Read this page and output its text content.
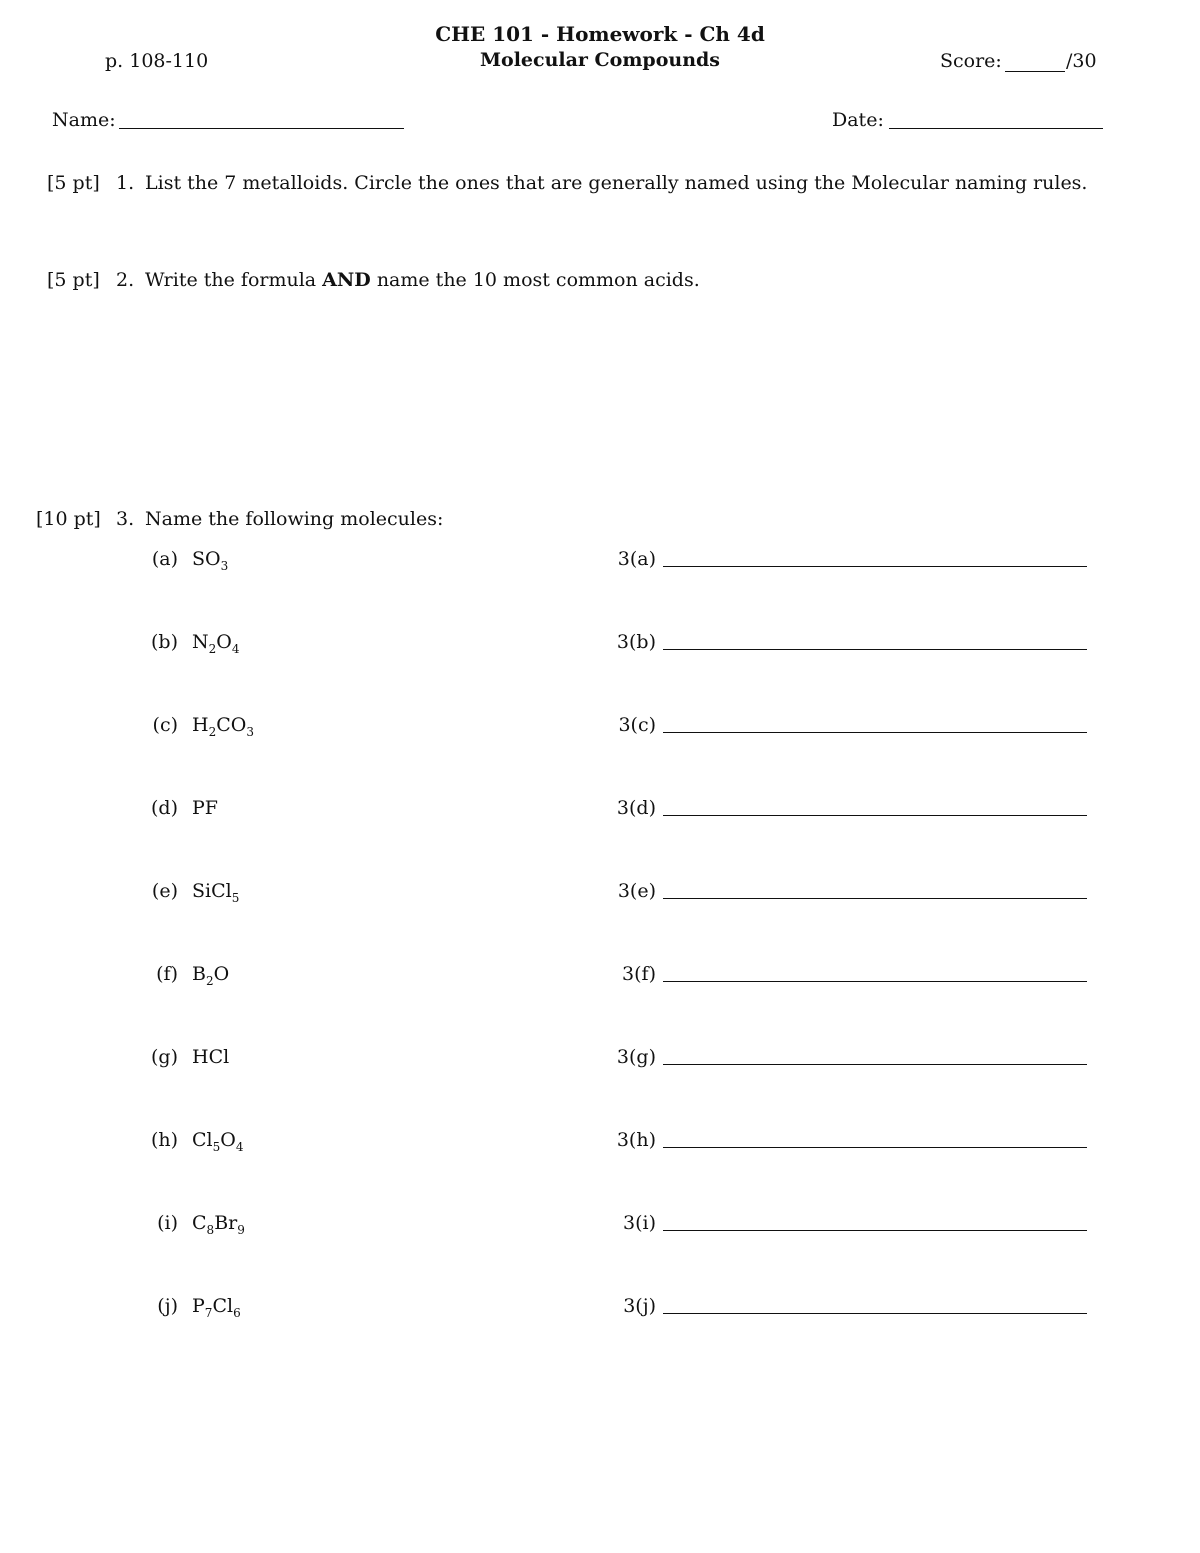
CHE 101 - Homework - Ch 4d
p. 108-110	Molecular Compounds	Score:	/30
Name:	Date:
[5 pt] 1. List the 7 metalloids. Circle the ones that are generally named using the Molecular naming rules.
[5 pt] 2. Write the formula AND name the 10 most common acids.
[10 pt] 3. Name the following molecules:
(a) $SO_3$	3(a)
(b) $N_2O_4$	3(b)
(c) $H_2CO_3$	3(c)
(d) PF	3(d)
(e) SiCl$_5$	3(e)
(f) $B_2O$	3(f)
(g) HCl	3(g)
(h) $Cl_5O_4$	3(h)
(i) $C_8Br_9$	3(i)
(j) $P_7Cl_6$	3(j)
